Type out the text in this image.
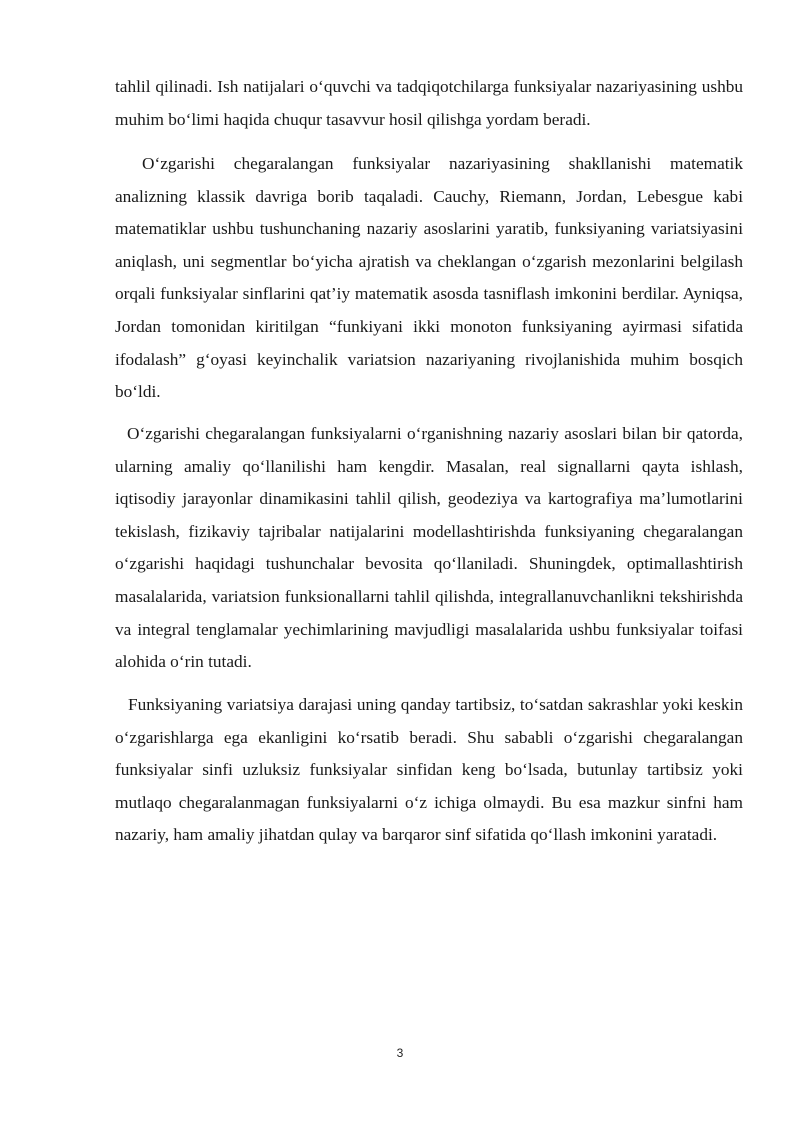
tahlil qilinadi. Ish natijalari o‘quvchi va tadqiqotchilarga funksiyalar nazariyasining ushbu muhim bo‘limi haqida chuqur tasavvur hosil qilishga yordam beradi.

O‘zgarishi chegaralangan funksiyalar nazariyasining shakllanishi matematik analizning klassik davriga borib taqaladi. Cauchy, Riemann, Jordan, Lebesgue kabi matematiklar ushbu tushunchaning nazariy asoslarini yaratib, funksiyaning variatsiyasini aniqlash, uni segmentlar bo‘yicha ajratish va cheklangan o‘zgarish mezonlarini belgilash orqali funksiyalar sinflarini qat’iy matematik asosda tasniflash imkonini berdilar. Ayniqsa, Jordan tomonidan kiritilgan “funkiyani ikki monoton funksiyaning ayirmasi sifatida ifodalash” g‘oyasi keyinchalik variatsion nazariyaning rivojlanishida muhim bosqich bo‘ldi.

O‘zgarishi chegaralangan funksiyalarni o‘rganishning nazariy asoslari bilan bir qatorda, ularning amaliy qo‘llanilishi ham kengdir. Masalan, real signallarni qayta ishlash, iqtisodiy jarayonlar dinamikasini tahlil qilish, geodeziya va kartografiya ma’lumotlarini tekislash, fizikaviy tajribalar natijalarini modellashtirishda funksiyaning chegaralangan o‘zgarishi haqidagi tushunchalar bevosita qo‘llaniladi. Shuningdek, optimallashtirish masalalarida, variatsion funksionallarni tahlil qilishda, integrallanuvchanlikni tekshirishda va integral tenglamalar yechimlarining mavjudligi masalalarida ushbu funksiyalar toifasi alohida o‘rin tutadi.

Funksiyaning variatsiya darajasi uning qanday tartibsiz, to‘satdan sakrashlar yoki keskin o‘zgarishlarga ega ekanligini ko‘rsatib beradi. Shu sababli o‘zgarishi chegaralangan funksiyalar sinfi uzluksiz funksiyalar sinfidan keng bo‘lsada, butunlay tartibsiz yoki mutlaqo chegaralanmagan funksiyalarni o‘z ichiga olmaydi. Bu esa mazkur sinfni ham nazariy, ham amaliy jihatdan qulay va barqaror sinf sifatida qo‘llash imkonini yaratadi.

3
